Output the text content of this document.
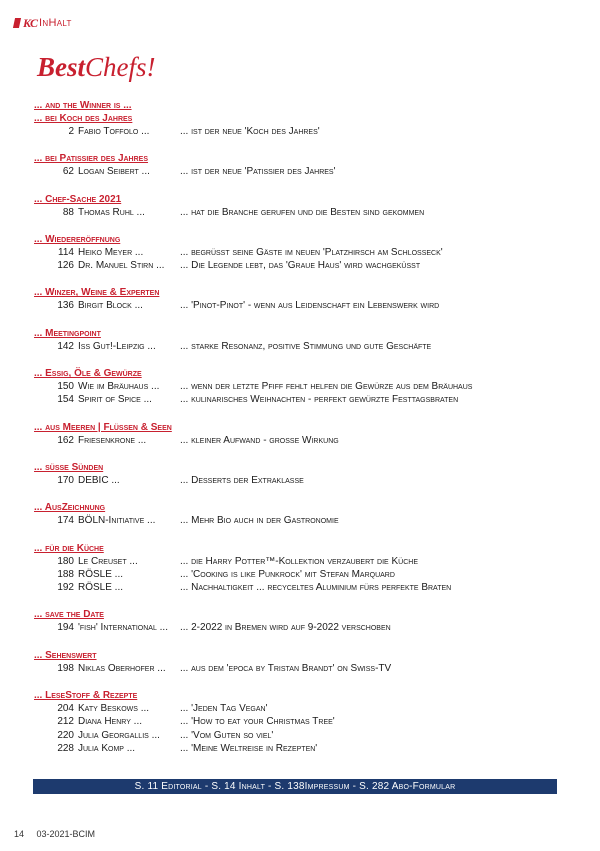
KC InHalt
BestChefs!
... and the Winner is ...
... bei Koch des Jahres
2 Fabio Toffolo ...	... ist der neue 'Koch des Jahres'
... bei Patissier des Jahres
62 Logan Seibert ...	... ist der neue 'Patissier des Jahres'
... Chef-Sache 2021
88 Thomas Ruhl ...	... hat die Branche gerufen und die Besten sind gekommen
... Wiedereröffnung
114 Heiko Meyer ...	... begrüsst seine Gäste im neuen 'Platzhirsch am Schlosseck'
126 Dr. Manuel Stirn ...	... Die Legende lebt, das 'Graue Haus' wird wachgeküsst
... Winzer, Weine & Experten
136 Birgit Block ...	... 'Pinot-Pinot' - wenn aus Leidenschaft ein Lebenswerk wird
... Meetingpoint
142 Iss Gut!-Leipzig ...	... starke Resonanz, positive Stimmung und gute Geschäfte
... Essig, Öle & Gewürze
150 Wie im Bräuhaus ...	... wenn der letzte Pfiff fehlt helfen die Gewürze aus dem Bräuhaus
154 Spirit of Spice ...	... kulinarisches Weihnachten - perfekt gewürzte Festtagsbraten
... aus Meeren | Flüssen & Seen
162 Friesenkrone ...	... kleiner Aufwand - grosse Wirkung
... süsse Sünden
170 DEBIC ...	... Desserts der Extraklasse
... AusZeichnung
174 BÖLN-Initiative ...	... Mehr Bio auch in der Gastronomie
... für die Küche
180 Le Creuset ...	... die Harry Potter™-Kollektion verzaubert die Küche
188 RÖSLE ...	... 'Cooking is like Punkrock' mit Stefan Marquard
192 RÖSLE ...	... Nachhaltigkeit ... recyceltes Aluminium fürs perfekte Braten
... save the Date
194 'fish' International ...	... 2-2022 in Bremen wird auf 9-2022 verschoben
... Sehenswert
198 Niklas Oberhofer ...	... aus dem 'epoca by Tristan Brandt' on Swiss-TV
... LeseStoff & Rezepte
204 Katy Beskows ...	... 'Jeden Tag Vegan'
212 Diana Henry ...	... 'How to eat your Christmas Tree'
220 Julia Georgallis ...	... 'Vom Guten so viel'
228 Julia Komp ...	... 'Meine Weltreise in Rezepten'
S. 11 Editorial - S. 14 Inhalt - S. 138Impressum - S. 282 Abo-Formular
14 03-2021-BCIM
